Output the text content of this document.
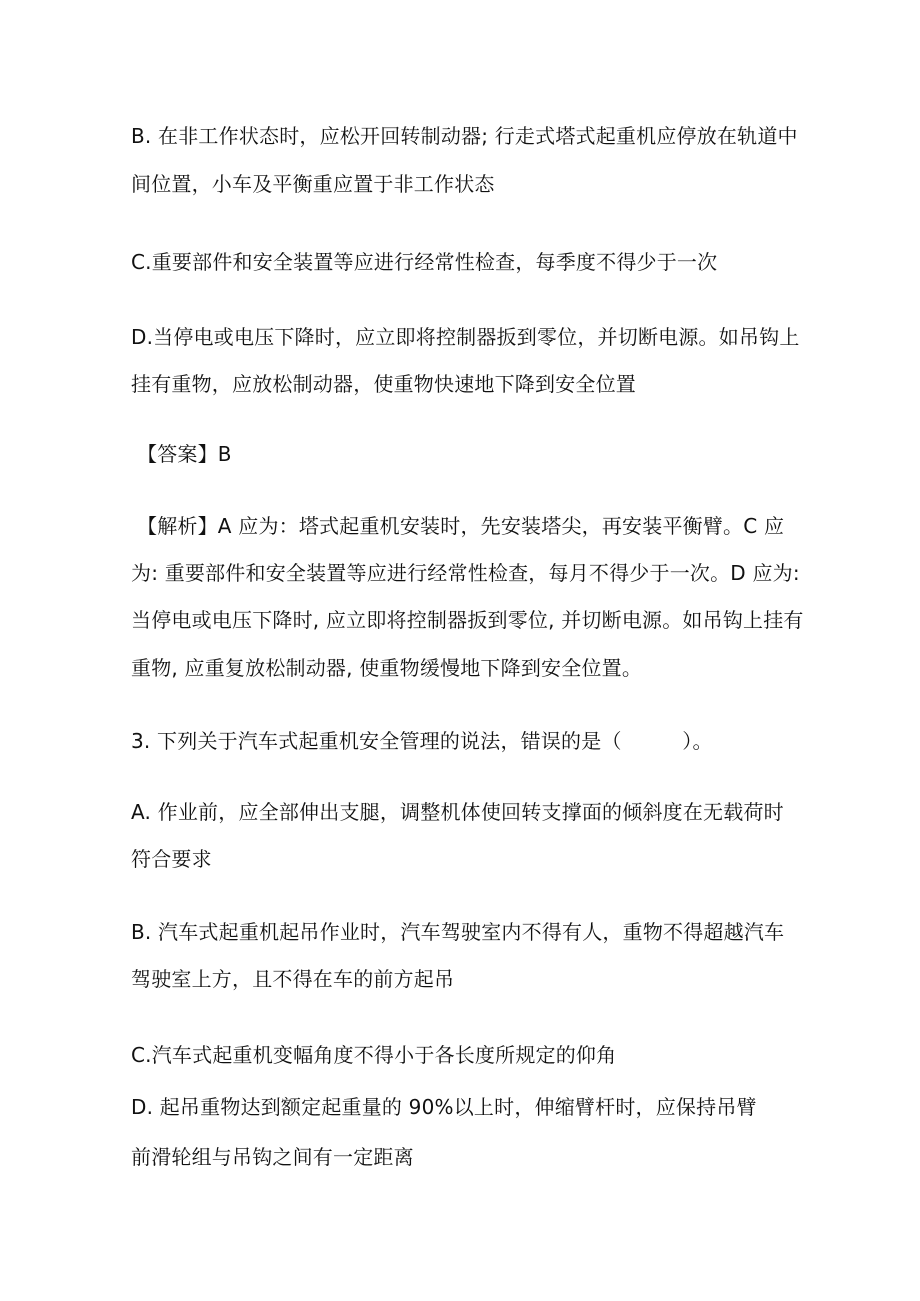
B. 在非工作状态时，应松开回转制动器; 行走式塔式起重机应停放在轨道中
间位置，小车及平衡重应置于非工作状态
C.重要部件和安全装置等应进行经常性检查，每季度不得少于一次
D.当停电或电压下降时，应立即将控制器扳到零位，并切断电源。如吊钩上
挂有重物，应放松制动器，使重物快速地下降到安全位置
【答案】B
【解析】A 应为：塔式起重机安装时，先安装塔尖，再安装平衡臂。C 应
为: 重要部件和安全装置等应进行经常性检查，每月不得少于一次。D 应为:
当停电或电压下降时, 应立即将控制器扳到零位, 并切断电源。如吊钩上挂有
重物, 应重复放松制动器, 使重物缓慢地下降到安全位置。
3. 下列关于汽车式起重机安全管理的说法，错误的是（　　　）。
A. 作业前，应全部伸出支腿，调整机体使回转支撑面的倾斜度在无载荷时
符合要求
B. 汽车式起重机起吊作业时，汽车驾驶室内不得有人，重物不得超越汽车
驾驶室上方，且不得在车的前方起吊
C.汽车式起重机变幅角度不得小于各长度所规定的仰角
D. 起吊重物达到额定起重量的 90%以上时，伸缩臂杆时，应保持吊臂
前滑轮组与吊钩之间有一定距离
